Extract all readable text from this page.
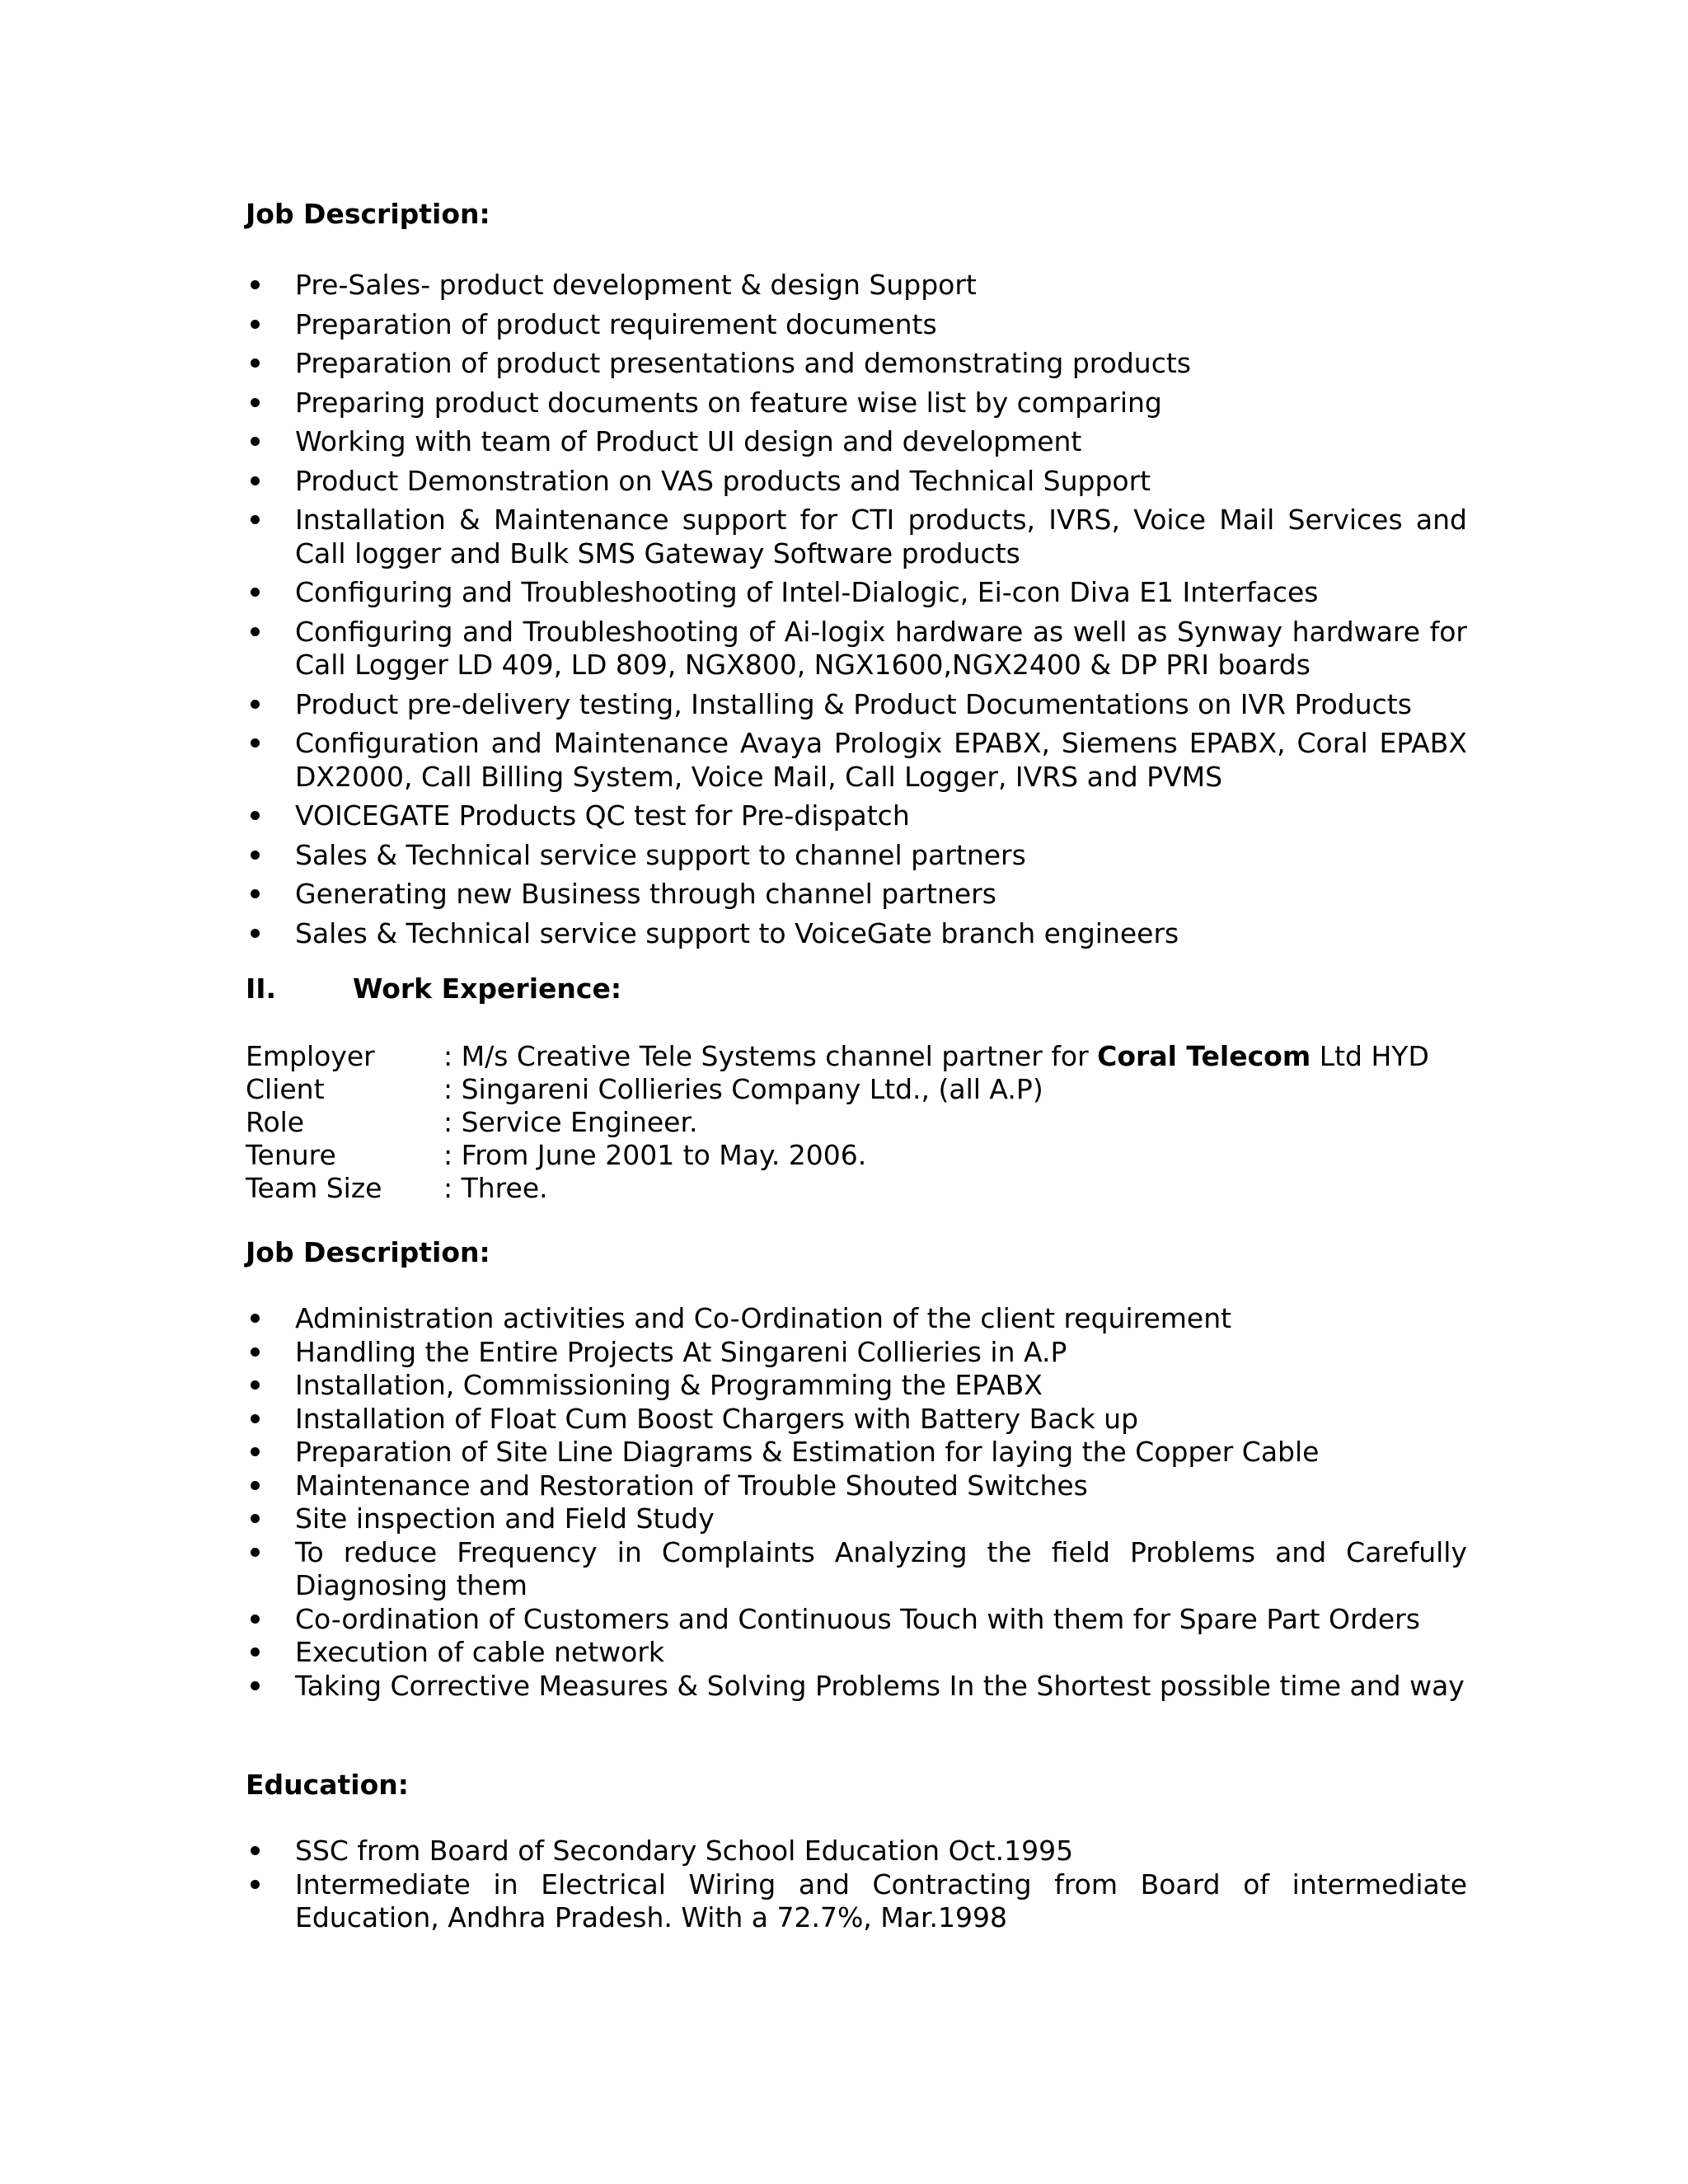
Job Description:
Pre-Sales- product development & design Support
Preparation of product requirement documents
Preparation of product presentations and demonstrating products
Preparing product documents on feature wise list by comparing
Working with team of Product UI design and development
Product Demonstration on VAS products and Technical Support
Installation & Maintenance support for CTI products, IVRS, Voice Mail Services and Call logger and Bulk SMS Gateway Software products
Configuring and Troubleshooting of Intel-Dialogic, Ei-con Diva E1 Interfaces
Configuring and Troubleshooting of Ai-logix hardware as well as Synway hardware for Call Logger LD 409, LD 809, NGX800, NGX1600,NGX2400 & DP PRI boards
Product pre-delivery testing, Installing & Product Documentations on IVR Products
Configuration and Maintenance Avaya Prologix EPABX, Siemens EPABX, Coral EPABX DX2000, Call Billing System, Voice Mail, Call Logger, IVRS and PVMS
VOICEGATE Products QC test for Pre-dispatch
Sales & Technical service support to channel partners
Generating new Business through channel partners
Sales & Technical service support to VoiceGate branch engineers
II.	Work Experience:
Employer	: M/s Creative Tele Systems channel partner for Coral Telecom Ltd HYD
Client	: Singareni Collieries Company Ltd., (all A.P)
Role	: Service Engineer.
Tenure	: From June 2001 to May. 2006.
Team Size : Three.
Job Description:
Administration activities and Co-Ordination of the client requirement
Handling the Entire Projects At Singareni Collieries in A.P
Installation, Commissioning & Programming the EPABX
Installation of Float Cum Boost Chargers with Battery Back up
Preparation of Site Line Diagrams & Estimation for laying the Copper Cable
Maintenance and Restoration of Trouble Shouted Switches
Site inspection and Field Study
To reduce Frequency in Complaints Analyzing the field Problems and Carefully Diagnosing them
Co-ordination of Customers and Continuous Touch with them for Spare Part Orders
Execution of cable network
Taking Corrective Measures & Solving Problems In the Shortest possible time and way
Education:
SSC from Board of Secondary School Education Oct.1995
Intermediate in Electrical Wiring and Contracting from Board of intermediate Education, Andhra Pradesh. With a 72.7%, Mar.1998
